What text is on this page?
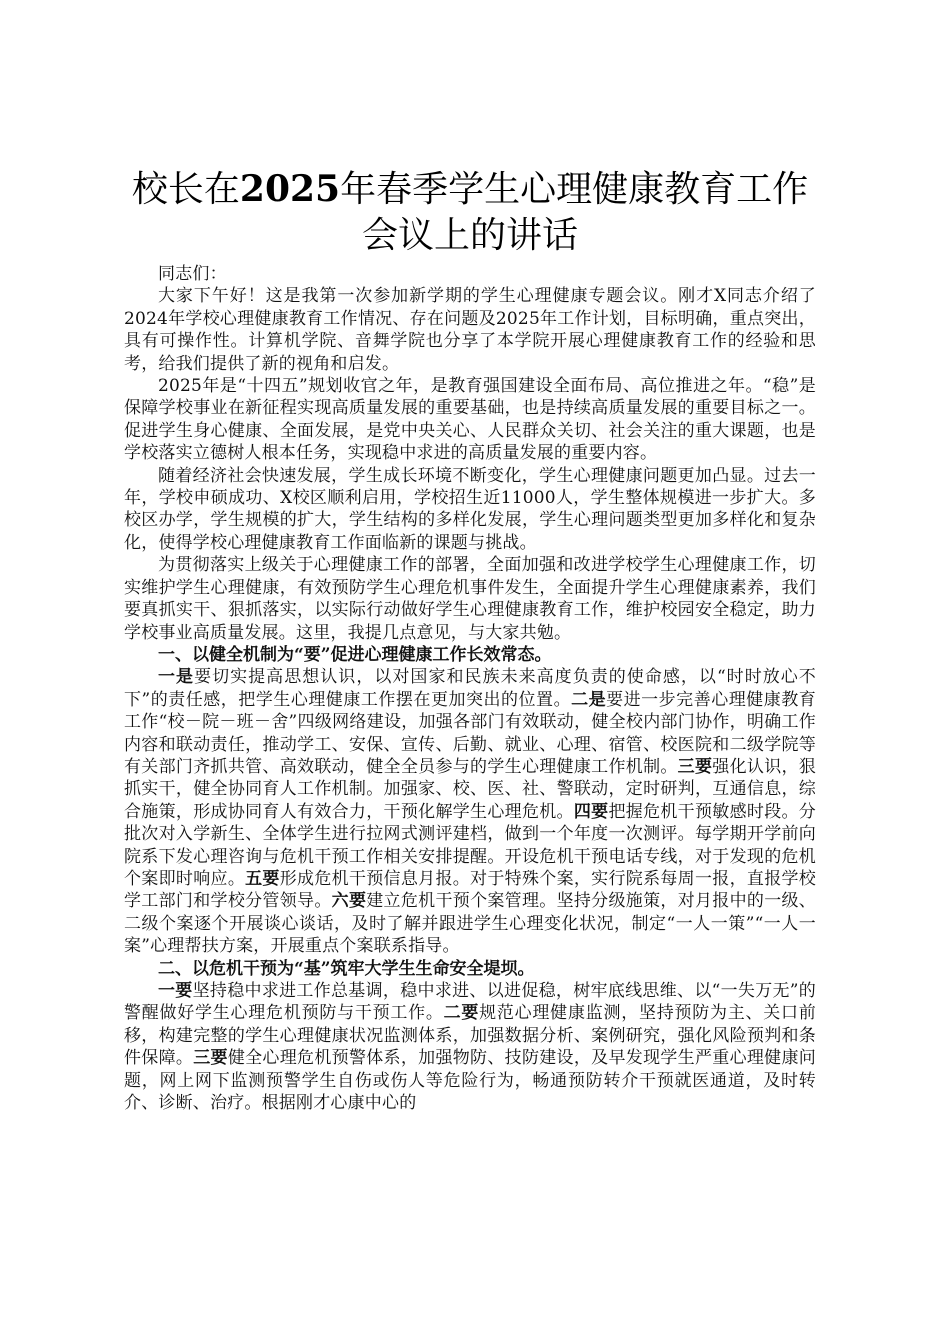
校长在2025年春季学生心理健康教育工作会议上的讲话

同志们：

大家下午好！这是我第一次参加新学期的学生心理健康专题会议。刚才X同志介绍了2024年学校心理健康教育工作情况、存在问题及2025年工作计划，目标明确，重点突出，具有可操作性。计算机学院、音舞学院也分享了本学院开展心理健康教育工作的经验和思考，给我们提供了新的视角和启发。

2025年是“十四五”规划收官之年，是教育强国建设全面布局、高位推进之年。“稳”是保障学校事业在新征程实现高质量发展的重要基础，也是持续高质量发展的重要目标之一。促进学生身心健康、全面发展，是党中央关心、人民群众关切、社会关注的重大课题，也是学校落实立德树人根本任务，实现稳中求进的高质量发展的重要内容。

随着经济社会快速发展，学生成长环境不断变化，学生心理健康问题更加凸显。过去一年，学校申硕成功、X校区顺利启用，学校招生近11000人，学生整体规模进一步扩大。多校区办学，学生规模的扩大，学生结构的多样化发展，学生心理问题类型更加多样化和复杂化，使得学校心理健康教育工作面临新的课题与挑战。

为贯彻落实上级关于心理健康工作的部署，全面加强和改进学校学生心理健康工作，切实维护学生心理健康，有效预防学生心理危机事件发生，全面提升学生心理健康素养，我们要真抓实干、狠抓落实，以实际行动做好学生心理健康教育工作，维护校园安全稳定，助力学校事业高质量发展。这里，我提几点意见，与大家共勉。

一、以健全机制为“要”促进心理健康工作长效常态。

一是要切实提高思想认识，以对国家和民族未来高度负责的使命感，以“时时放心不下”的责任感，把学生心理健康工作摆在更加突出的位置。二是要进一步完善心理健康教育工作“校－院－班－舍”四级网络建设，加强各部门有效联动，健全校内部门协作，明确工作内容和联动责任，推动学工、安保、宣传、后勤、就业、心理、宿管、校医院和二级学院等有关部门齐抓共管、高效联动，健全全员参与的学生心理健康工作机制。三要强化认识，狠抓实干，健全协同育人工作机制。加强家、校、医、社、警联动，定时研判，互通信息，综合施策，形成协同育人有效合力，干预化解学生心理危机。四要把握危机干预敏感时段。分批次对入学新生、全体学生进行拉网式测评建档，做到一个年度一次测评。每学期开学前向院系下发心理咨询与危机干预工作相关安排提醒。开设危机干预电话专线，对于发现的危机个案即时响应。五要形成危机干预信息月报。对于特殊个案，实行院系每周一报，直报学校学工部门和学校分管领导。六要建立危机干预个案管理。坚持分级施策，对月报中的一级、二级个案逐个开展谈心谈话，及时了解并跟进学生心理变化状况，制定“一人一策”“一人一案”心理帮扶方案，开展重点个案联系指导。

二、以危机干预为“基”筑牢大学生生命安全堤坝。

一要坚持稳中求进工作总基调，稳中求进、以进促稳，树牢底线思维、以“一失万无”的警醒做好学生心理危机预防与干预工作。二要规范心理健康监测，坚持预防为主、关口前移，构建完整的学生心理健康状况监测体系，加强数据分析、案例研究，强化风险预判和条件保障。三要健全心理危机预警体系，加强物防、技防建设，及早发现学生严重心理健康问题，网上网下监测预警学生自伤或伤人等危险行为，畅通预防转介干预就医通道，及时转介、诊断、治疗。根据刚才心康中心的
